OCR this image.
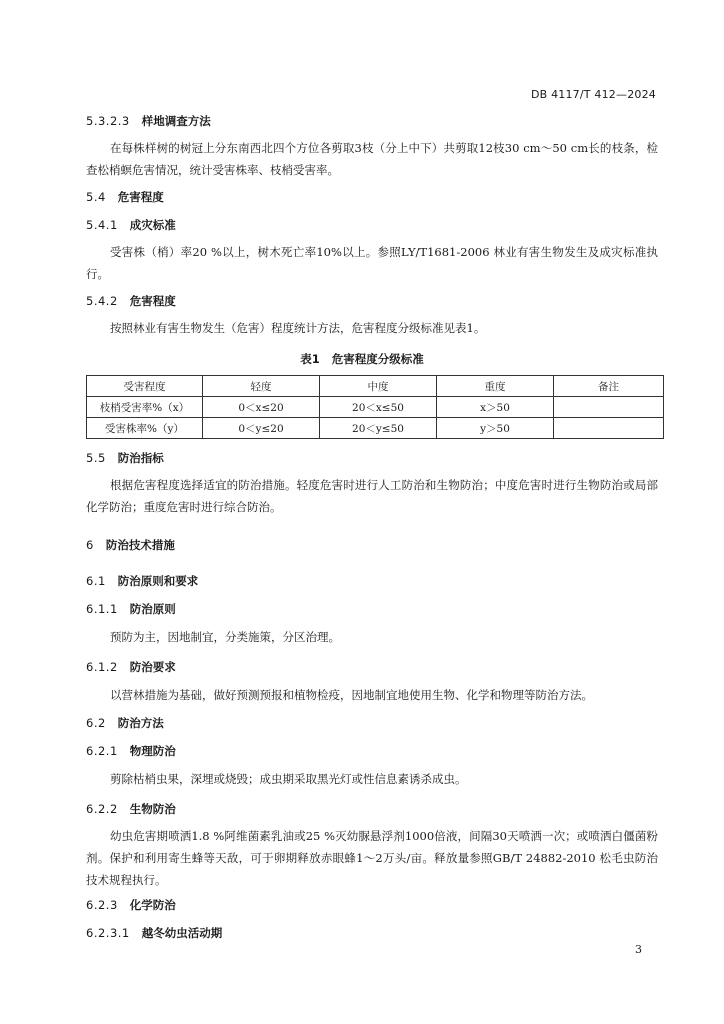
DB 4117/T 412—2024
5.3.2.3 样地调查方法
在每株样树的树冠上分东南西北四个方位各剪取3枝（分上中下）共剪取12枝30 cm～50 cm长的枝条，检查松梢螟危害情况，统计受害株率、枝梢受害率。
5.4 危害程度
5.4.1 成灾标准
受害株（梢）率20 %以上，树木死亡率10%以上。参照LY/T1681-2006 林业有害生物发生及成灾标准执行。
5.4.2 危害程度
按照林业有害生物发生（危害）程度统计方法，危害程度分级标准见表1。
表1 危害程度分级标准
受害程度	轻度	中度	重度	备注
枝梢受害率%（x）	0＜x≤20	20＜x≤50	x＞50	
受害株率%（y）	0＜y≤20	20＜y≤50	y＞50	
5.5 防治指标
根据危害程度选择适宜的防治措施。轻度危害时进行人工防治和生物防治；中度危害时进行生物防治或局部化学防治；重度危害时进行综合防治。
6 防治技术措施
6.1 防治原则和要求
6.1.1 防治原则
预防为主，因地制宜，分类施策，分区治理。
6.1.2 防治要求
以营林措施为基础，做好预测预报和植物检疫，因地制宜地使用生物、化学和物理等防治方法。
6.2 防治方法
6.2.1 物理防治
剪除枯梢虫果，深埋或烧毁；成虫期采取黑光灯或性信息素诱杀成虫。
6.2.2 生物防治
幼虫危害期喷洒1.8 %阿维菌素乳油或25 %灭幼脲悬浮剂1000倍液，间隔30天喷洒一次；或喷洒白僵菌粉剂。保护和利用寄生蜂等天敌，可于卵期释放赤眼蜂1～2万头/亩。释放量参照GB/T 24882-2010 松毛虫防治技术规程执行。
6.2.3 化学防治
6.2.3.1 越冬幼虫活动期
3
